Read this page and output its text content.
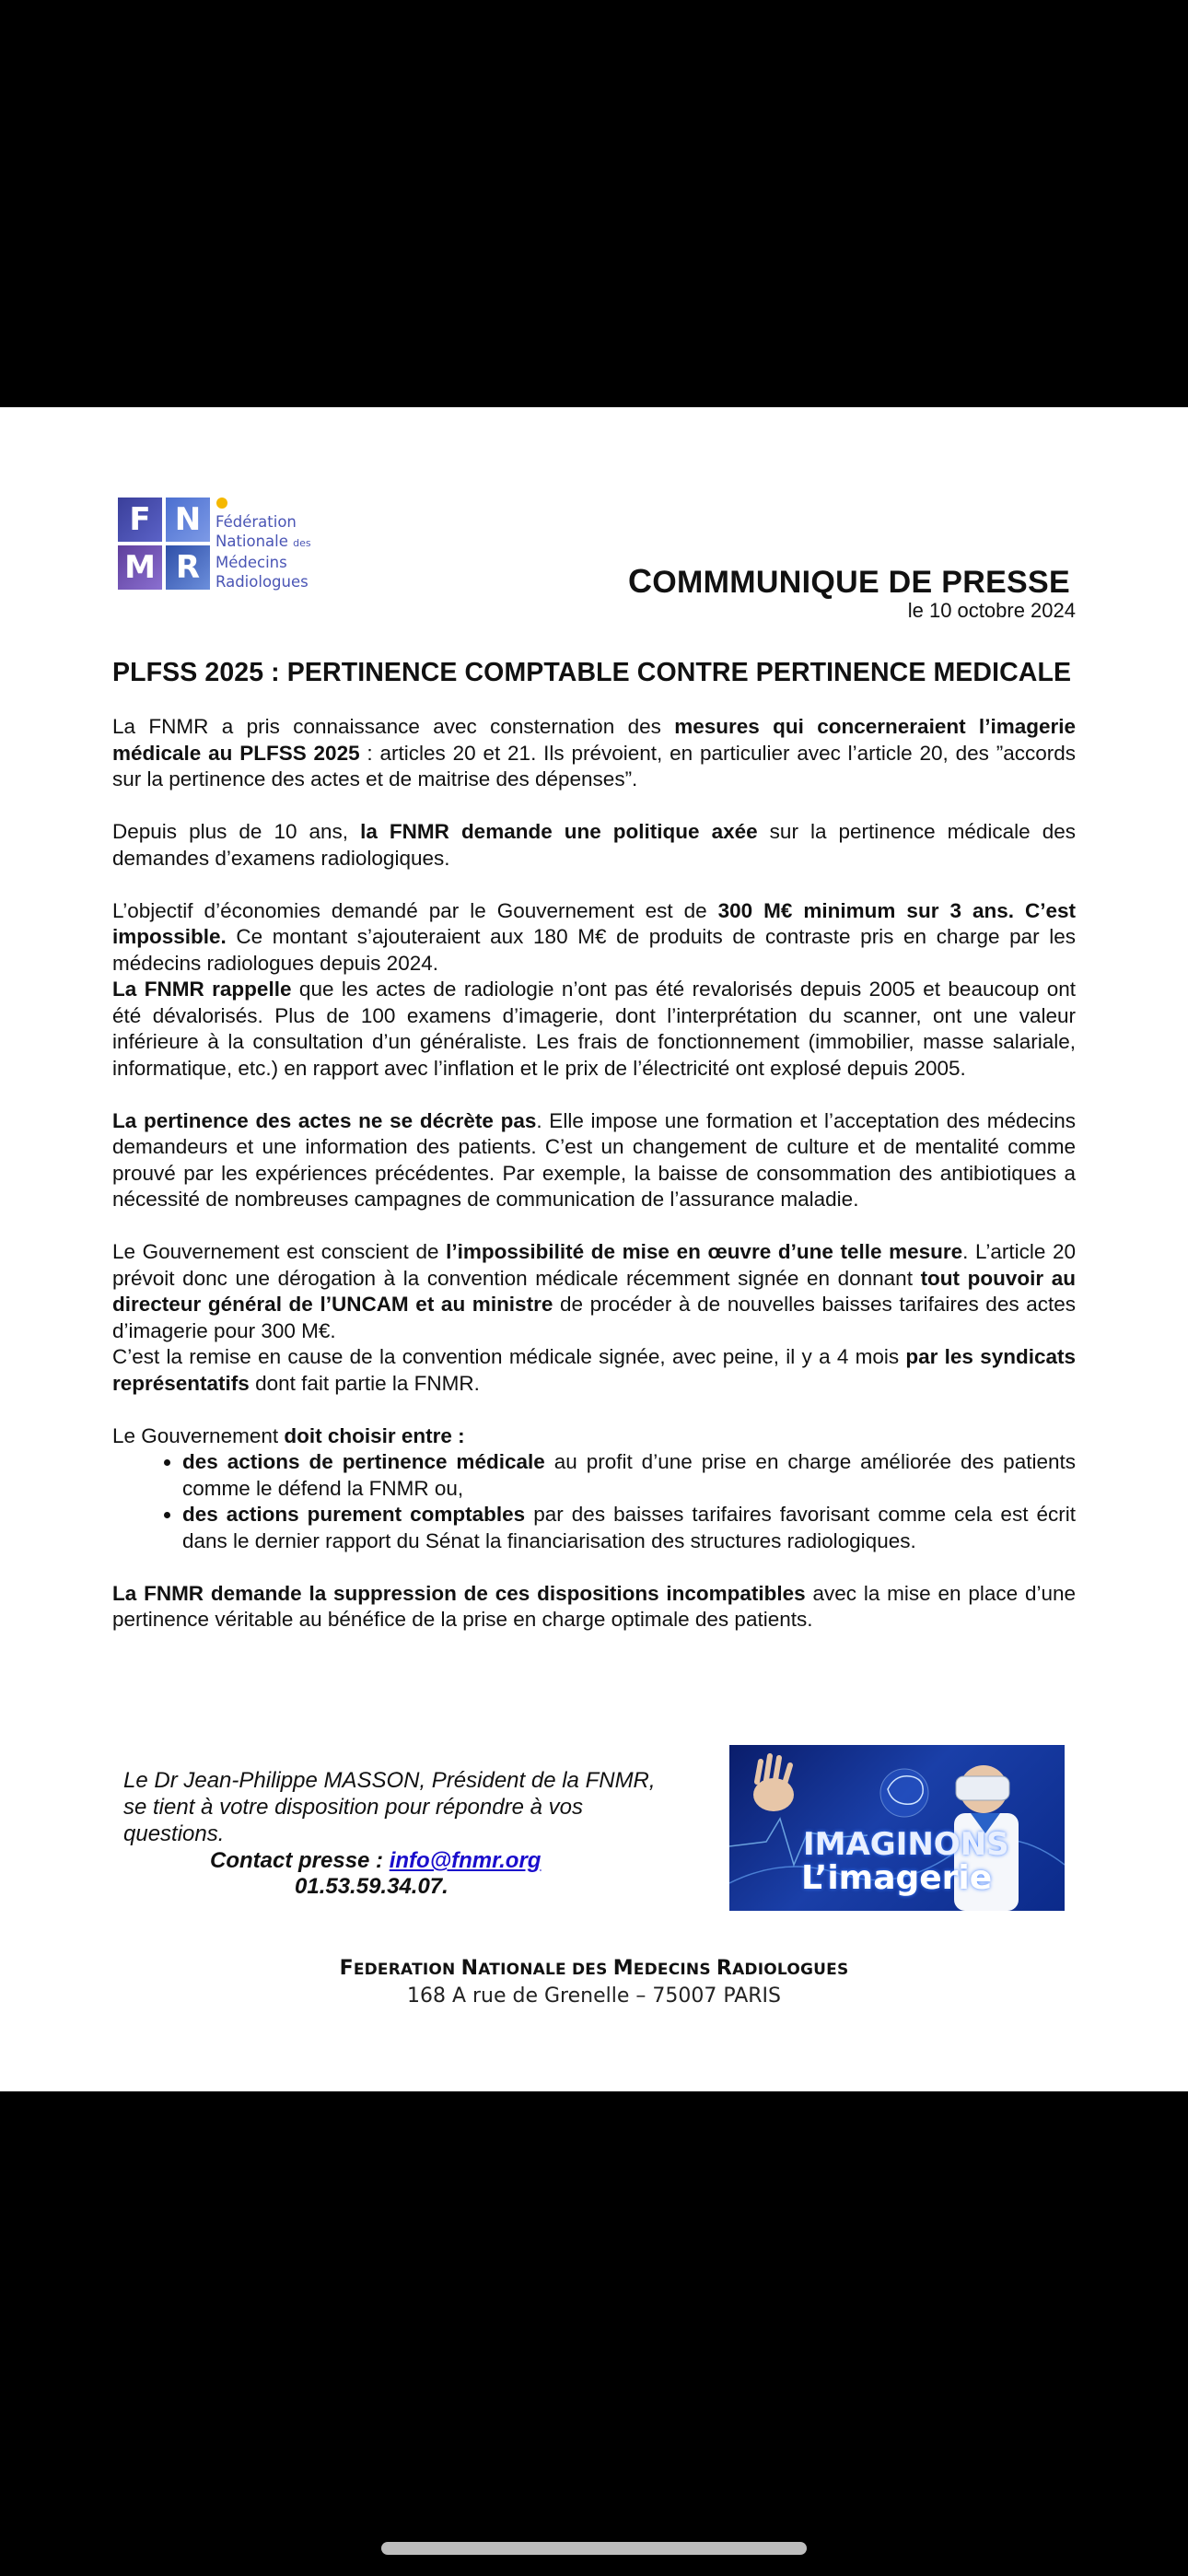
F N
M R
Fédération
Nationale des
Médecins
Radiologues	COMMMUNIQUE DE PRESSE
le 10 octobre 2024
PLFSS 2025 : PERTINENCE COMPTABLE CONTRE PERTINENCE MEDICALE

La FNMR a pris connaissance avec consternation des mesures qui concerneraient l’imagerie médicale au PLFSS 2025 : articles 20 et 21. Ils prévoient, en particulier avec l’article 20, des ”accords sur la pertinence des actes et de maitrise des dépenses”.

Depuis plus de 10 ans, la FNMR demande une politique axée sur la pertinence médicale des demandes d’examens radiologiques.

L’objectif d’économies demandé par le Gouvernement est de 300 M€ minimum sur 3 ans. C’est impossible. Ce montant s’ajouteraient aux 180 M€ de produits de contraste pris en charge par les médecins radiologues depuis 2024.

La FNMR rappelle que les actes de radiologie n’ont pas été revalorisés depuis 2005 et beaucoup ont été dévalorisés. Plus de 100 examens d’imagerie, dont l’interprétation du scanner, ont une valeur inférieure à la consultation d’un généraliste. Les frais de fonctionnement (immobilier, masse salariale, informatique, etc.) en rapport avec l’inflation et le prix de l’électricité ont explosé depuis 2005.

La pertinence des actes ne se décrète pas. Elle impose une formation et l’acceptation des médecins demandeurs et une information des patients. C’est un changement de culture et de mentalité comme prouvé par les expériences précédentes. Par exemple, la baisse de consommation des antibiotiques a nécessité de nombreuses campagnes de communication de l’assurance maladie.

Le Gouvernement est conscient de l’impossibilité de mise en œuvre d’une telle mesure. L’article 20 prévoit donc une dérogation à la convention médicale récemment signée en donnant tout pouvoir au directeur général de l’UNCAM et au ministre de procéder à de nouvelles baisses tarifaires des actes d’imagerie pour 300 M€.

C’est la remise en cause de la convention médicale signée, avec peine, il y a 4 mois par les syndicats représentatifs dont fait partie la FNMR.

Le Gouvernement doit choisir entre :

• des actions de pertinence médicale au profit d’une prise en charge améliorée des patients comme le défend la FNMR ou,
• des actions purement comptables par des baisses tarifaires favorisant comme cela est écrit dans le dernier rapport du Sénat la financiarisation des structures radiologiques.

La FNMR demande la suppression de ces dispositions incompatibles avec la mise en place d’une pertinence véritable au bénéfice de la prise en charge optimale des patients.

Le Dr Jean-Philippe MASSON, Président de la FNMR,
se tient à votre disposition pour répondre à vos
questions.
Contact presse : info@fnmr.org
01.53.59.34.07.
IMAGINONS
L’imagerie
FEDERATION NATIONALE DES MEDECINS RADIOLOGUES
168 A rue de Grenelle – 75007 PARIS
